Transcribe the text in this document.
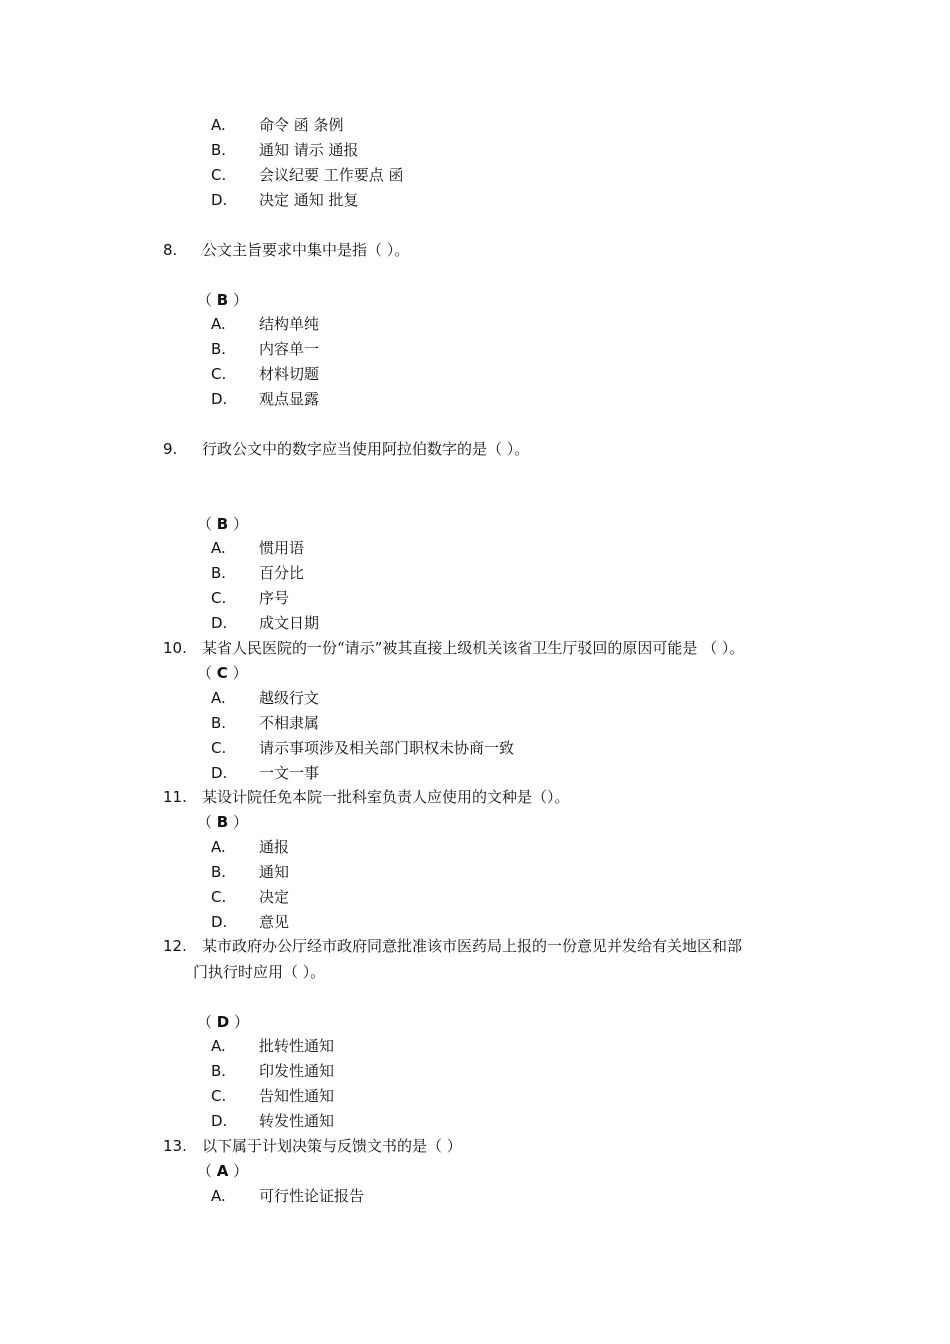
A. 命令 函 条例
B. 通知 请示 通报
C. 会议纪要 工作要点 函
D. 决定 通知 批复
8. 公文主旨要求中集中是指（ ）。
（ B ）
A. 结构单纯
B. 内容单一
C. 材料切题
D. 观点显露
9. 行政公文中的数字应当使用阿拉伯数字的是（ ）。
（ B ）
A. 惯用语
B. 百分比
C. 序号
D. 成文日期
10. 某省人民医院的一份“请示”被其直接上级机关该省卫生厅驳回的原因可能是 （ ）。
（ C ）
A. 越级行文
B. 不相隶属
C. 请示事项涉及相关部门职权未协商一致
D. 一文一事
11. 某设计院任免本院一批科室负责人应使用的文种是（）。
（ B ）
A. 通报
B. 通知
C. 决定
D. 意见
12. 某市政府办公厅经市政府同意批准该市医药局上报的一份意见并发给有关地区和部
门执行时应用（ ）。
（ D ）
A. 批转性通知
B. 印发性通知
C. 告知性通知
D. 转发性通知
13. 以下属于计划决策与反馈文书的是（ ）
（ A ）
A. 可行性论证报告
